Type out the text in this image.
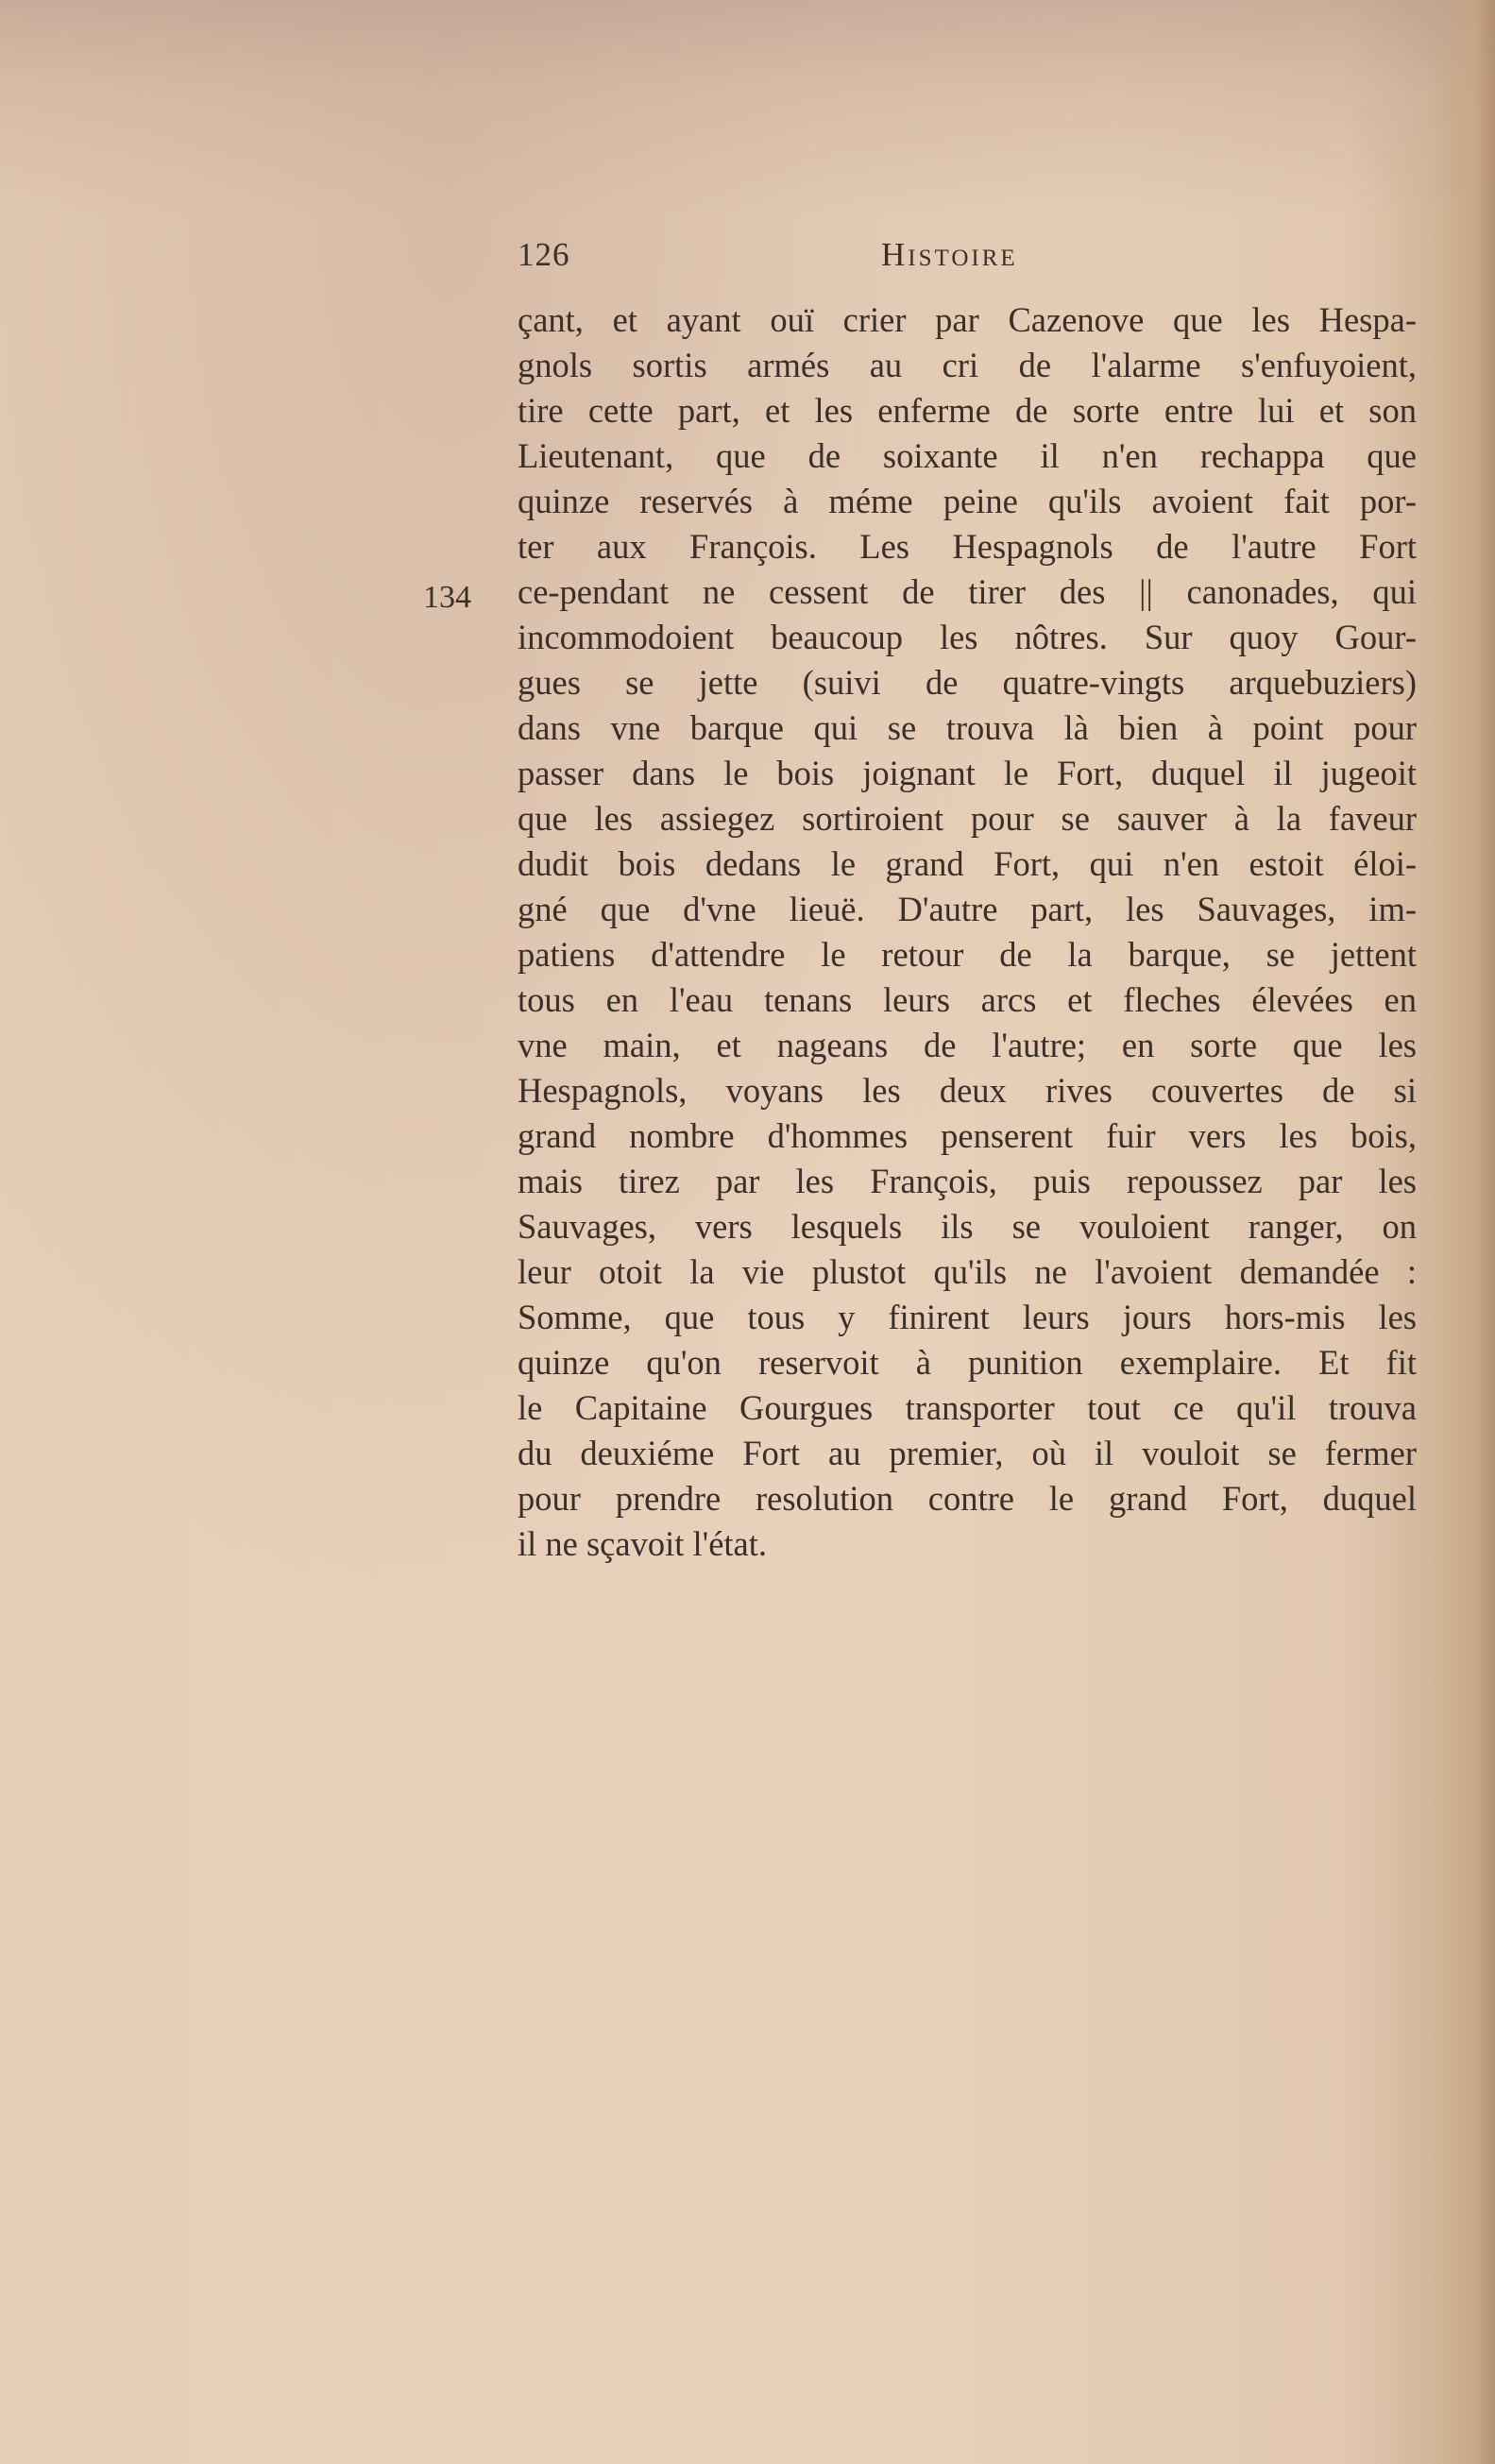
126	Histoire
134
çant, et ayant ouï crier par Cazenove que les Hespa-
gnols sortis armés au cri de l'alarme s'enfuyoient,
tire cette part, et les enferme de sorte entre lui et son
Lieutenant, que de soixante il n'en rechappa que
quinze reservés à méme peine qu'ils avoient fait por-
ter aux François. Les Hespagnols de l'autre Fort
ce-pendant ne cessent de tirer des || canonades, qui
incommodoient beaucoup les nôtres. Sur quoy Gour-
gues se jette (suivi de quatre-vingts arquebuziers)
dans vne barque qui se trouva là bien à point pour
passer dans le bois joignant le Fort, duquel il jugeoit
que les assiegez sortiroient pour se sauver à la faveur
dudit bois dedans le grand Fort, qui n'en estoit éloi-
gné que d'vne lieuë. D'autre part, les Sauvages, im-
patiens d'attendre le retour de la barque, se jettent
tous en l'eau tenans leurs arcs et fleches élevées en
vne main, et nageans de l'autre; en sorte que les
Hespagnols, voyans les deux rives couvertes de si
grand nombre d'hommes penserent fuir vers les bois,
mais tirez par les François, puis repoussez par les
Sauvages, vers lesquels ils se vouloient ranger, on
leur otoit la vie plustot qu'ils ne l'avoient demandée :
Somme, que tous y finirent leurs jours hors-mis les
quinze qu'on reservoit à punition exemplaire. Et fit
le Capitaine Gourgues transporter tout ce qu'il trouva
du deuxiéme Fort au premier, où il vouloit se fermer
pour prendre resolution contre le grand Fort, duquel
il ne sçavoit l'état.
